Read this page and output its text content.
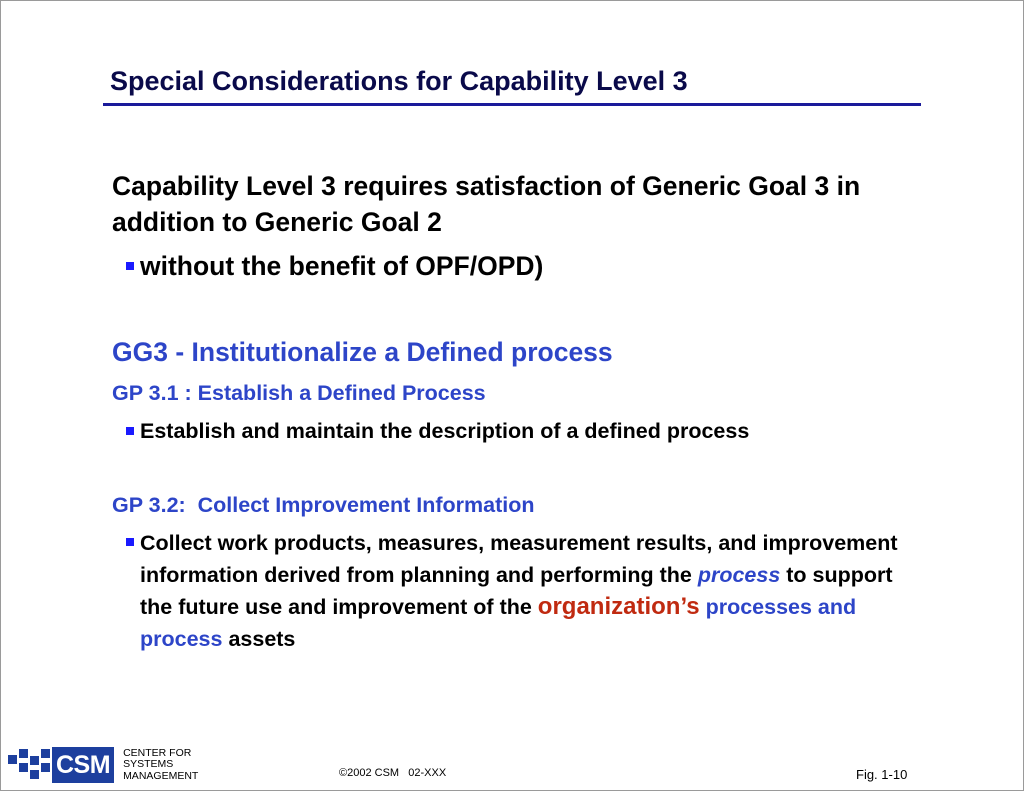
Special Considerations for Capability Level 3
Capability Level 3 requires satisfaction of Generic Goal 3 in addition to Generic Goal 2
without the benefit of OPF/OPD)
GG3 - Institutionalize a Defined process
GP 3.1 : Establish a Defined Process
Establish and maintain the description of a defined process
GP 3.2:  Collect Improvement Information
Collect work products, measures, measurement results, and improvement information derived from planning and performing the process to support the future use and improvement of the organization’s processes and process assets
CSM	CENTER FOR
SYSTEMS
MANAGEMENT	©2002 CSM   02-XXX	Fig. 1-10
